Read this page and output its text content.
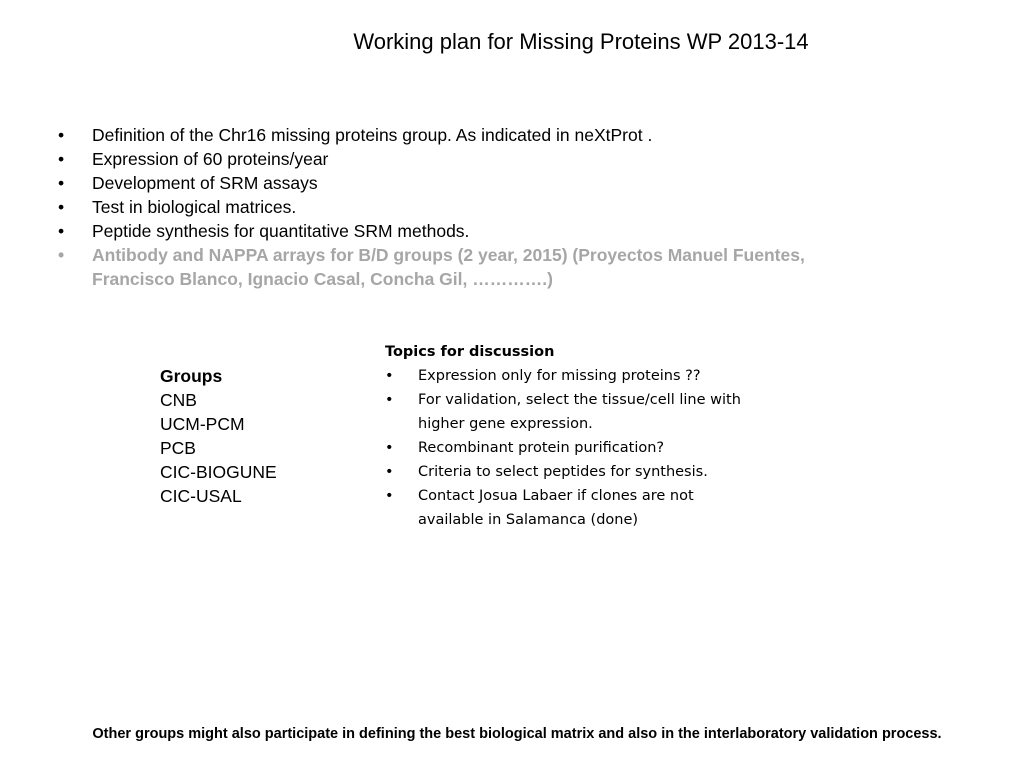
Working plan for Missing Proteins WP 2013-14
• Definition of the Chr16 missing proteins group. As indicated in neXtProt .
• Expression of 60 proteins/year
• Development of SRM assays
• Test in biological matrices.
• Peptide synthesis for quantitative SRM methods.
• Antibody and NAPPA arrays for B/D groups (2 year, 2015) (Proyectos Manuel Fuentes, Francisco Blanco, Ignacio Casal, Concha Gil, ………….)
Groups
CNB
UCM-PCM
PCB
CIC-BIOGUNE
CIC-USAL
Topics for discussion
• Expression only for missing proteins ??
• For validation, select the tissue/cell line with higher gene expression.
• Recombinant protein purification?
• Criteria to select peptides for synthesis.
• Contact Josua Labaer if clones are not available in Salamanca (done)
Other groups might also participate in defining the best biological matrix and also in the interlaboratory validation process.
